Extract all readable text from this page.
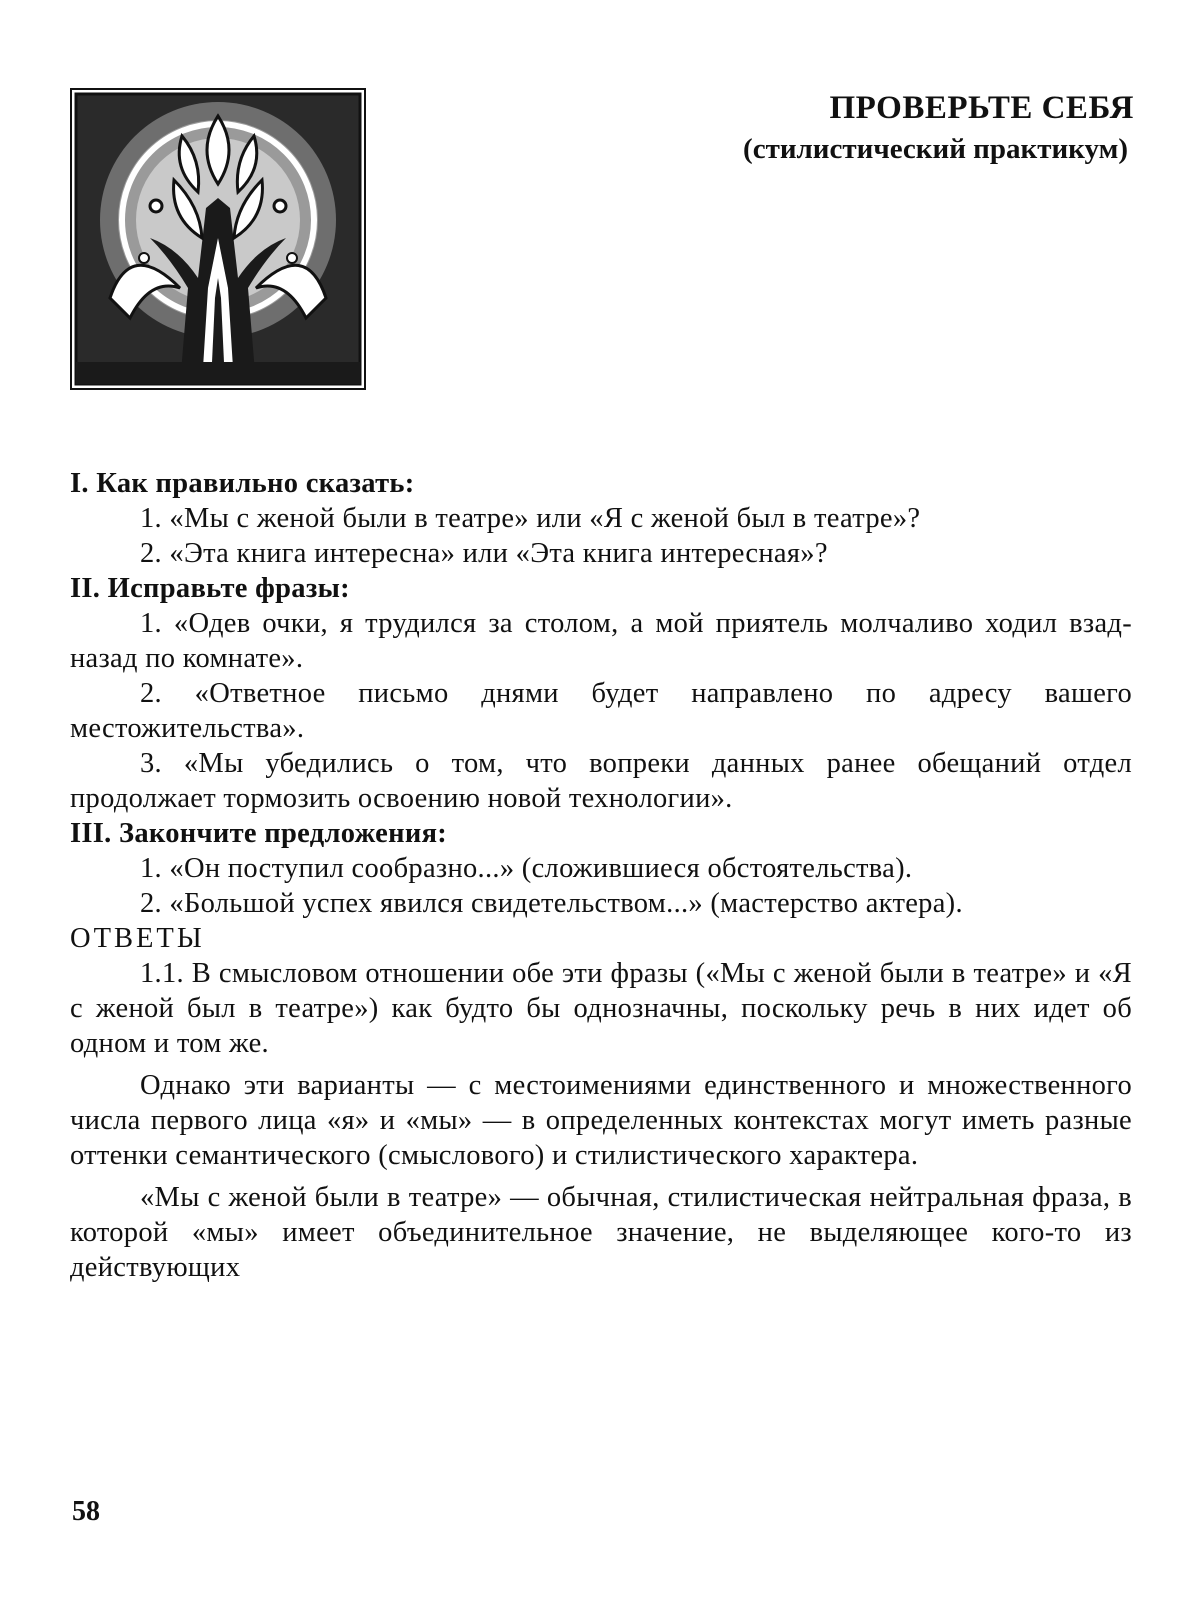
ПРОВЕРЬТЕ СЕБЯ
(стилистический практикум)

I. Как правильно сказать:

1. «Мы с женой были в театре» или «Я с женой был в театре»?

2. «Эта книга интересна» или «Эта книга интересная»?

II. Исправьте фразы:

1. «Одев очки, я трудился за столом, а мой приятель молчаливо ходил взад-назад по комнате».

2. «Ответное письмо днями будет направлено по адресу вашего местожительства».

3. «Мы убедились о том, что вопреки данных ранее обещаний отдел продолжает тормозить освоению новой технологии».

III. Закончите предложения:

1. «Он поступил сообразно...» (сложившиеся обстоятельства).

2. «Большой успех явился свидетельством...» (мастерство актера).

ОТВЕТЫ

1.1. В смысловом отношении обе эти фразы («Мы с женой были в театре» и «Я с женой был в театре») как будто бы однозначны, поскольку речь в них идет об одном и том же.

Однако эти варианты — с местоимениями единственного и множественного числа первого лица «я» и «мы» — в определенных контекстах могут иметь разные оттенки семантического (смыслового) и стилистического характера.

«Мы с женой были в театре» — обычная, стилистическая нейтральная фраза, в которой «мы» имеет объединительное значение, не выделяющее кого-то из действующих

58
